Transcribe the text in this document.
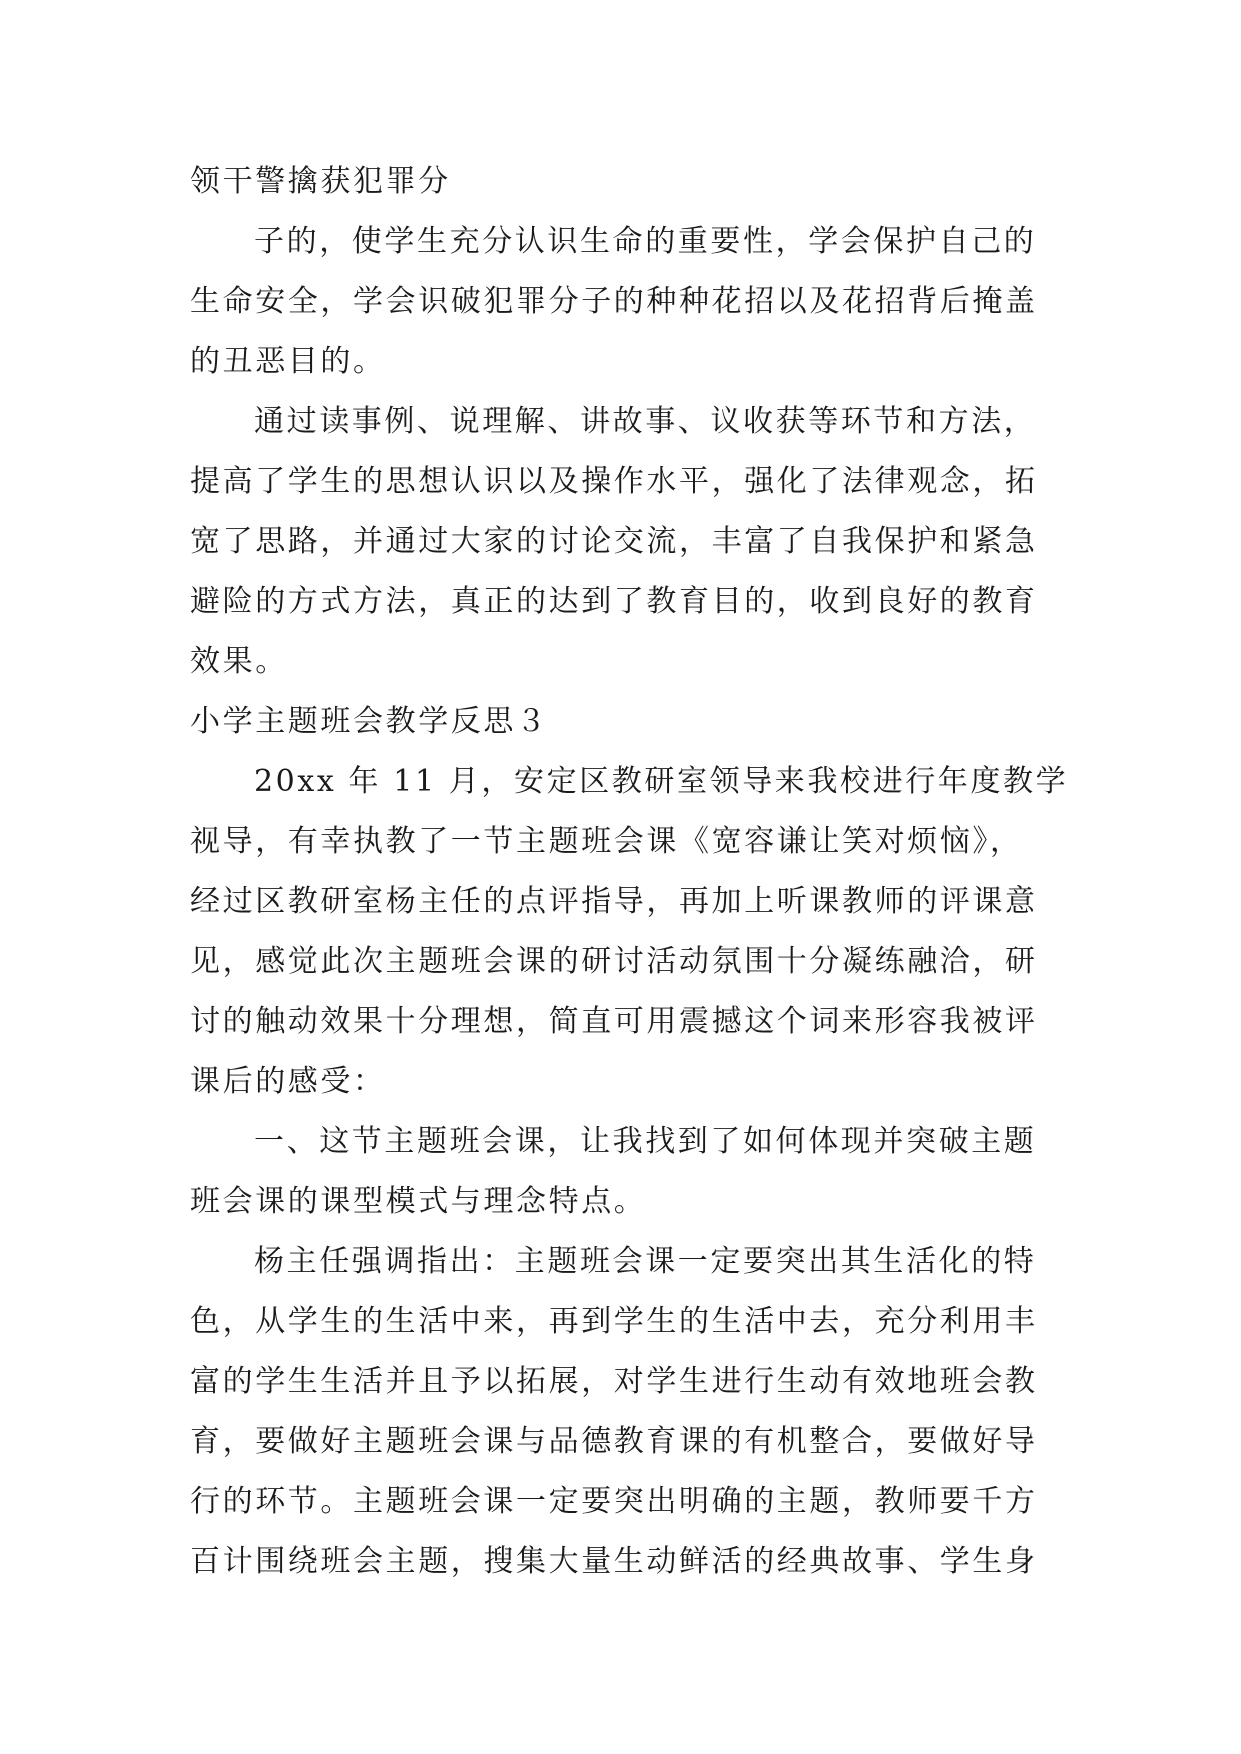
领干警擒获犯罪分
子的，使学生充分认识生命的重要性，学会保护自己的
生命安全，学会识破犯罪分子的种种花招以及花招背后掩盖
的丑恶目的。
通过读事例、说理解、讲故事、议收获等环节和方法，
提高了学生的思想认识以及操作水平，强化了法律观念，拓
宽了思路，并通过大家的讨论交流，丰富了自我保护和紧急
避险的方式方法，真正的达到了教育目的，收到良好的教育
效果。
小学主题班会教学反思３
20xx 年 11 月，安定区教研室领导来我校进行年度教学
视导，有幸执教了一节主题班会课《宽容谦让笑对烦恼》，
经过区教研室杨主任的点评指导，再加上听课教师的评课意
见，感觉此次主题班会课的研讨活动氛围十分凝练融洽，研
讨的触动效果十分理想，简直可用震撼这个词来形容我被评
课后的感受：
一、这节主题班会课，让我找到了如何体现并突破主题
班会课的课型模式与理念特点。
杨主任强调指出：主题班会课一定要突出其生活化的特
色，从学生的生活中来，再到学生的生活中去，充分利用丰
富的学生生活并且予以拓展，对学生进行生动有效地班会教
育，要做好主题班会课与品德教育课的有机整合，要做好导
行的环节。主题班会课一定要突出明确的主题，教师要千方
百计围绕班会主题，搜集大量生动鲜活的经典故事、学生身
